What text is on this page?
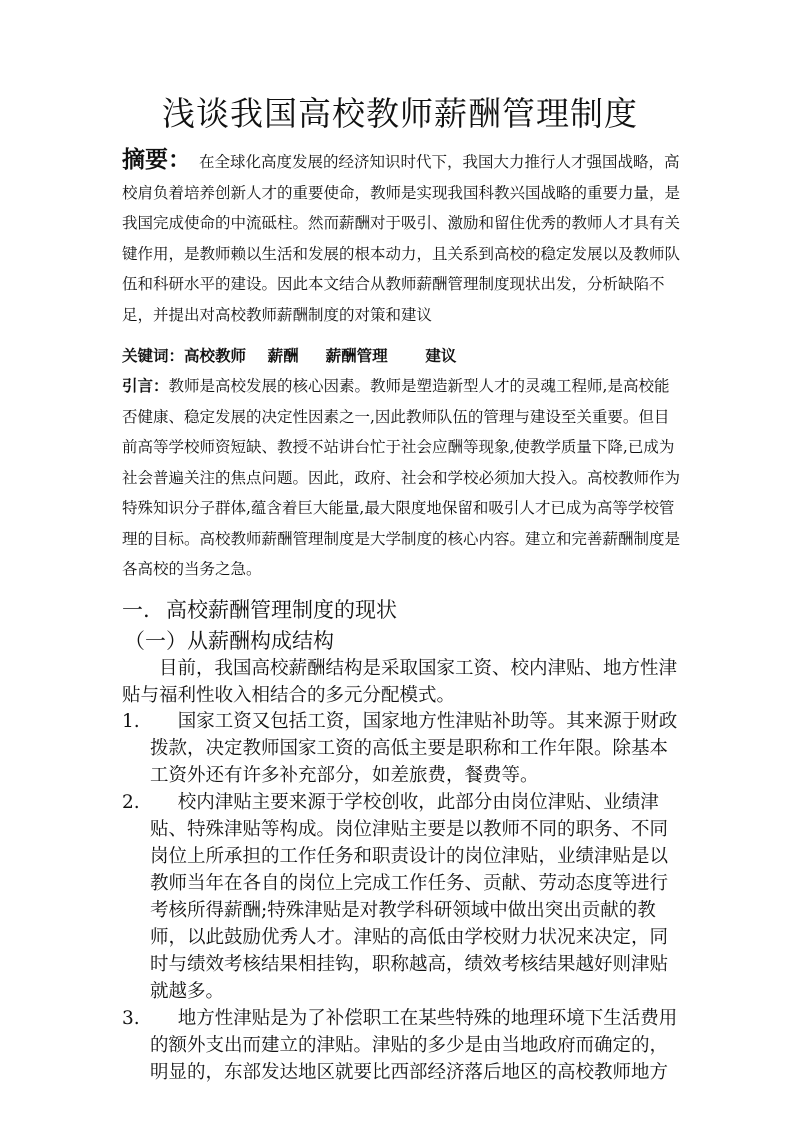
浅谈我国高校教师薪酬管理制度

摘要： 在全球化高度发展的经济知识时代下，我国大力推行人才强国战略，高校肩负着培养创新人才的重要使命，教师是实现我国科教兴国战略的重要力量，是我国完成使命的中流砥柱。然而薪酬对于吸引、激励和留住优秀的教师人才具有关键作用，是教师赖以生活和发展的根本动力，且关系到高校的稳定发展以及教师队伍和科研水平的建设。因此本文结合从教师薪酬管理制度现状出发，分析缺陷不足，并提出对高校教师薪酬制度的对策和建议

关键词：高校教师    薪酬     薪酬管理       建议

引言：教师是高校发展的核心因素。教师是塑造新型人才的灵魂工程师,是高校能否健康、稳定发展的决定性因素之一,因此教师队伍的管理与建设至关重要。但目前高等学校师资短缺、教授不站讲台忙于社会应酬等现象,使教学质量下降,已成为社会普遍关注的焦点问题。因此，政府、社会和学校必须加大投入。高校教师作为特殊知识分子群体,蕴含着巨大能量,最大限度地保留和吸引人才已成为高等学校管理的目标。高校教师薪酬管理制度是大学制度的核心内容。建立和完善薪酬制度是各高校的当务之急。

一. 高校薪酬管理制度的现状
（一）从薪酬构成结构

目前，我国高校薪酬结构是采取国家工资、校内津贴、地方性津贴与福利性收入相结合的多元分配模式。

1.	国家工资又包括工资，国家地方性津贴补助等。其来源于财政拨款，决定教师国家工资的高低主要是职称和工作年限。除基本工资外还有许多补充部分，如差旅费，餐费等。
2.	校内津贴主要来源于学校创收，此部分由岗位津贴、业绩津贴、特殊津贴等构成。岗位津贴主要是以教师不同的职务、不同岗位上所承担的工作任务和职责设计的岗位津贴，业绩津贴是以教师当年在各自的岗位上完成工作任务、贡献、劳动态度等进行考核所得薪酬;特殊津贴是对教学科研领域中做出突出贡献的教师，以此鼓励优秀人才。津贴的高低由学校财力状况来决定，同时与绩效考核结果相挂钩，职称越高，绩效考核结果越好则津贴就越多。
3.	地方性津贴是为了补偿职工在某些特殊的地理环境下生活费用的额外支出而建立的津贴。津贴的多少是由当地政府而确定的，明显的，东部发达地区就要比西部经济落后地区的高校教师地方
